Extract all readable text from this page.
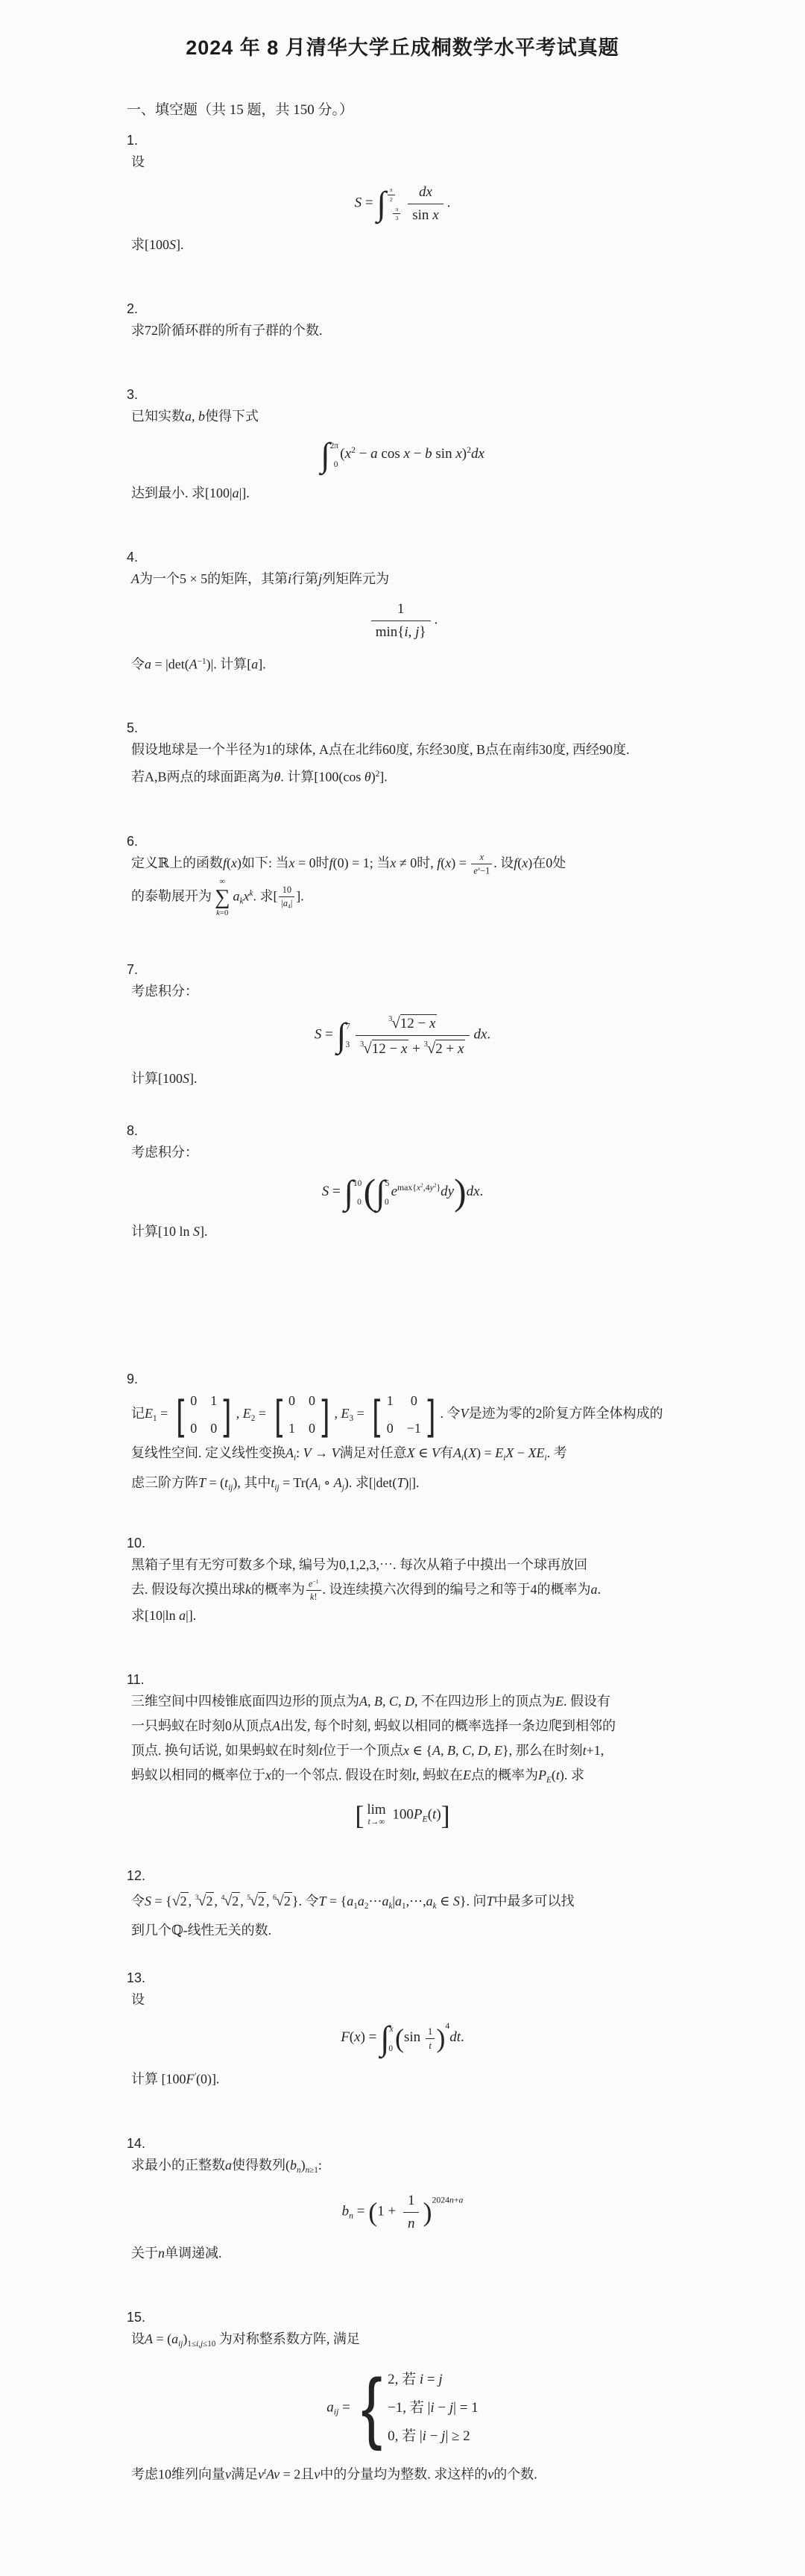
2024 年 8 月清华大学丘成桐数学水平考试真题
一、填空题（共 15 题，共 150 分。）
1.
设
S = ∫ $^{\frac{\pi}{2}}$
$_{\frac{\pi}{3}} \frac{dx}{\text{sin x}}$ .
求[100S].
2.
求72阶循环群的所有子群的个数.
3.
已知实数a, b使得下式
$\int^{2\pi}_0(x^2 - a$ cos x − b sin x)$^2$dx
达到最小. 求[100|a|].
4.
A为一个5 × 5的矩阵，其第i行第j列矩阵元为
$\frac{1}{\min\{i, j\}}$ .
令$a = |\det(A^{-1})|$. 计算[a].
5.
假设地球是一个半径为1的球体, A点在北纬60度, 东经30度, B点在南纬30度, 西经90度.
若A,B两点的球面距离为θ. 计算[100(cos θ)$^2$].
6.
定义ℝ上的函数f(x)如下: 当x = 0时f(0) = 1; 当x ≠ 0时, $f(x) = \frac{x}{e^x-1}$ . 设f(x)在0处
的泰勒展开为
∞
∑
k=0
$a_kx^k$. 求[ $\frac{10}{|a_4|}$ ].
7.
考虑积分：
$S = \int^7_3 \frac{^3√12 - x}{^3√12 - x + ^3√2 + x}$ dx.
计算[100S].
8.
考虑积分：
$S = \int^{10}_0(\int^5_0e^{max\{x^2,4y^2\}}dy)dx$.
计算[10 ln S].
9.
记$E_1$ =
[ 0 1
0 0
], $E_2$ =
[ 0 0
1 0
], $E_3$ =
[ 1 0
0 −1
]. 令V是迹为零的2阶复方阵全体构成的
复线性空间. 定义线性变换$A_i$: V → V满足对任意X ∈ V有$A_i(X) = E_iX - XE_i$. 考
虑三阶方阵$T = (t_{ij})$, 其中$t_{ij} = Tr(A_i$ ∘ $A_j$). 求[|det(T)|].
10.
黑箱子里有无穷可数多个球, 编号为0,1,2,3,⋯. 每次从箱子中摸出一个球再放回
去. 假设每次摸出球k的概率为 $\frac{e^{-1}}{k!}$ . 设连续摸六次得到的编号之和等于4的概率为a.
求[10|ln a|].
11.
三维空间中四棱锥底面四边形的顶点为A, B, C, D, 不在四边形上的顶点为E. 假设有
一只蚂蚁在时刻0从顶点A出发, 每个时刻, 蚂蚁以相同的概率选择一条边爬到相邻的
顶点. 换句话说, 如果蚂蚁在时刻t位于一个顶点x ∈ {A, B, C, D, E}, 那么在时刻t+1,
蚂蚁以相同的概率位于x的一个邻点. 假设在时刻t, 蚂蚁在E点的概率为$P_E(t)$. 求
[ lim
t→∞ $100P_E(t)$]
12.
令S = {√2 , $^3$√2 , $^4$√2 , $^5$√2 , $^6$√2 }. 令$T = \{a_1a_2\cdots a_k|a_1,\cdots,a_k$ ∈ S}. 问T中最多可以找
到几个ℚ-线性无关的数.
13.
设
$F(x) = \int^x_0(\sin \frac{1}{t} )^4dt$.
计算 [100F′(0)].
14.
求最小的正整数a使得数列$(b_n)_{n\ge 1}$:
$b_n = (1 + \frac{1}{n} )^{2024n+a}$
关于n单调递减.
15.
设$A = (a_{ij})_{1\le i,j\le 10}$ 为对称整系数方阵, 满足
$a_{ij}$ =
{ 2, 若 i = j
−1, 若 |i − j| = 1
0, 若 |i − j| ≥ 2
考虑10维列向量v满足$v^tAv = 2$且v中的分量均为整数. 求这样的v的个数.
